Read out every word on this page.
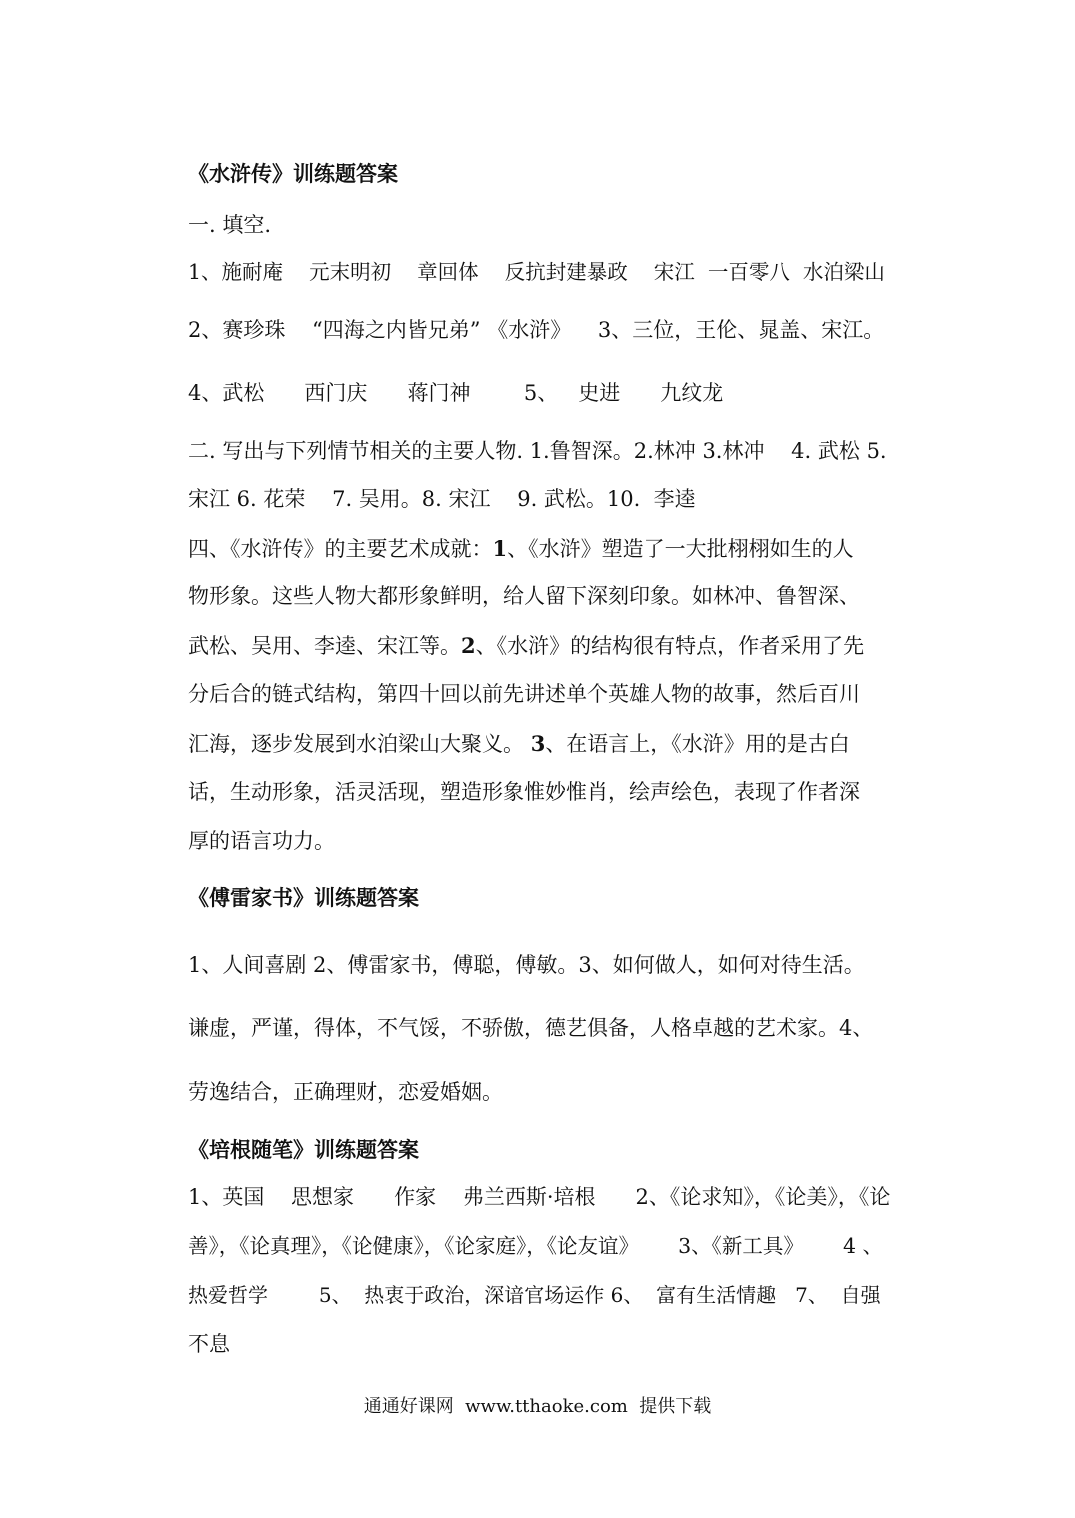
《水浒传》训练题答案
一. 填空.
1、施耐庵    元末明初    章回体    反抗封建暴政    宋江  一百零八  水泊梁山
2、赛珍珠    “四海之内皆兄弟” 《水浒》    3、三位，王伦、晁盖、宋江。
4、武松      西门庆      蒋门神        5、   史进      九纹龙
二. 写出与下列情节相关的主要人物. 1.鲁智深。2.林冲 3.林冲    4. 武松 5.
宋江 6. 花荣    7. 吴用。8. 宋江    9. 武松。10.  李逵
四、《水浒传》的主要艺术成就：1、《水浒》塑造了一大批栩栩如生的人
物形象。这些人物大都形象鲜明，给人留下深刻印象。如林冲、鲁智深、
武松、吴用、李逵、宋江等。2、《水浒》的结构很有特点，作者采用了先
分后合的链式结构，第四十回以前先讲述单个英雄人物的故事，然后百川
汇海，逐步发展到水泊梁山大聚义。 3、在语言上，《水浒》用的是古白
话，生动形象，活灵活现，塑造形象惟妙惟肖，绘声绘色，表现了作者深
厚的语言功力。
《傅雷家书》训练题答案
1、人间喜剧 2、傅雷家书，傅聪，傅敏。3、如何做人，如何对待生活。
谦虚，严谨，得体，不气馁，不骄傲，德艺俱备，人格卓越的艺术家。4、
劳逸结合，正确理财，恋爱婚姻。
《培根随笔》训练题答案
1、英国    思想家      作家    弗兰西斯·培根      2、《论求知》，《论美》，《论
善》，《论真理》，《论健康》，《论家庭》，《论友谊》      3、《新工具》      4 、
热爱哲学        5、  热衷于政治，深谙官场运作 6、  富有生活情趣   7、  自强
不息
通通好课网  www.tthaoke.com  提供下载
